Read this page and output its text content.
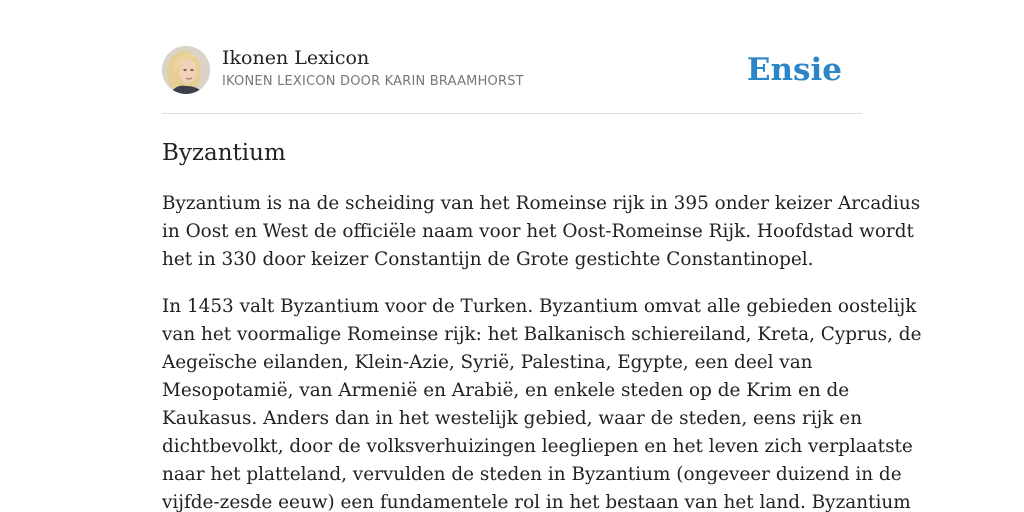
Ikonen Lexicon
IKONEN LEXICON DOOR KARIN BRAAMHORST	Ensie
Byzantium

Byzantium is na de scheiding van het Romeinse rijk in 395 onder keizer Arcadius
in Oost en West de officiële naam voor het Oost-Romeinse Rijk. Hoofdstad wordt
het in 330 door keizer Constantijn de Grote gestichte Constantinopel.

In 1453 valt Byzantium voor de Turken. Byzantium omvat alle gebieden oostelijk
van het voormalige Romeinse rijk: het Balkanisch schiereiland, Kreta, Cyprus, de
Aegeïsche eilanden, Klein-Azie, Syrië, Palestina, Egypte, een deel van
Mesopotamië, van Armenië en Arabië, en enkele steden op de Krim en de
Kaukasus. Anders dan in het westelijk gebied, waar de steden, eens rijk en
dichtbevolkt, door de volksverhuizingen leegliepen en het leven zich verplaatste
naar het platteland, vervulden de steden in Byzantium (ongeveer duizend in de
vijfde-zesde eeuw) een fundamentele rol in het bestaan van het land. Byzantium
